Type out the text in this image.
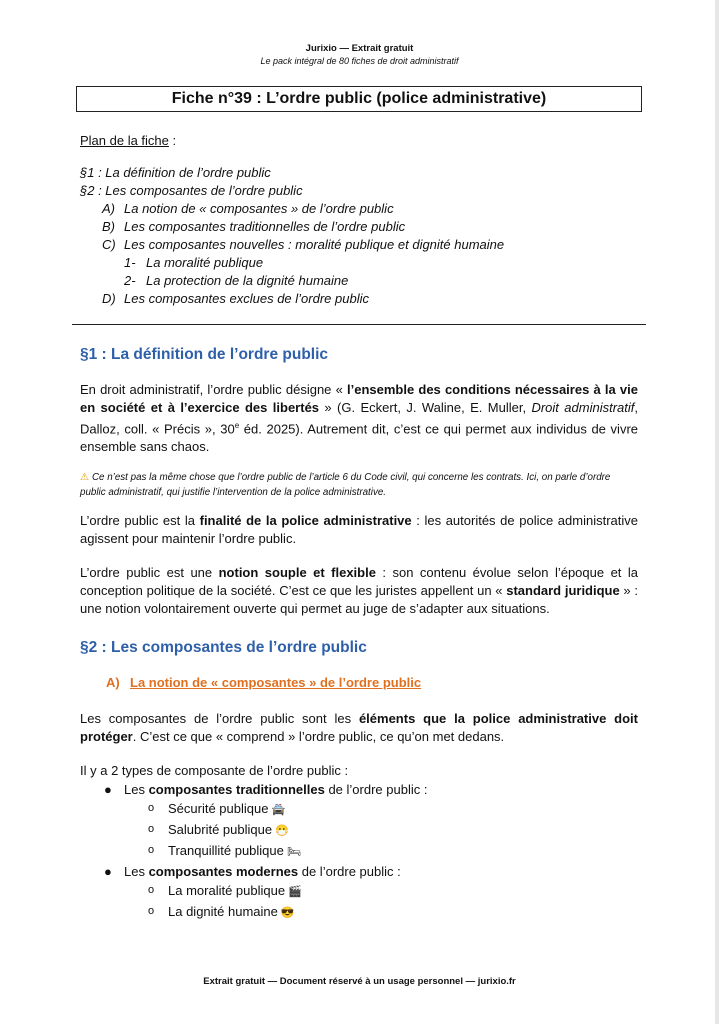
Jurixio — Extrait gratuit
Le pack intégral de 80 fiches de droit administratif
Fiche n°39 : L’ordre public (police administrative)
Plan de la fiche :
§1 : La définition de l’ordre public
§2 : Les composantes de l’ordre public
A) La notion de « composantes » de l’ordre public
B) Les composantes traditionnelles de l’ordre public
C) Les composantes nouvelles : moralité publique et dignité humaine
1- La moralité publique
2- La protection de la dignité humaine
D) Les composantes exclues de l’ordre public
§1 : La définition de l’ordre public

En droit administratif, l’ordre public désigne « l’ensemble des conditions nécessaires à la vie en société et à l’exercice des libertés » (G. Eckert, J. Waline, E. Muller, Droit administratif, Dalloz, coll. « Précis », 30e éd. 2025). Autrement dit, c’est ce qui permet aux individus de vivre ensemble sans chaos.

⚠ Ce n’est pas la même chose que l’ordre public de l’article 6 du Code civil, qui concerne les contrats. Ici, on parle d’ordre public administratif, qui justifie l’intervention de la police administrative.

L’ordre public est la finalité de la police administrative : les autorités de police administrative agissent pour maintenir l’ordre public.

L’ordre public est une notion souple et flexible : son contenu évolue selon l’époque et la conception politique de la société. C’est ce que les juristes appellent un « standard juridique » : une notion volontairement ouverte qui permet au juge de s’adapter aux situations.

§2 : Les composantes de l’ordre public
A) La notion de « composantes » de l’ordre public

Les composantes de l’ordre public sont les éléments que la police administrative doit protéger. C’est ce que « comprend » l’ordre public, ce qu’on met dedans.

Il y a 2 types de composante de l’ordre public :

● Les composantes traditionnelles de l’ordre public :
o Sécurité publique 🚔
o Salubrité publique 😷
o Tranquillité publique 🛏
● Les composantes modernes de l’ordre public :
o La moralité publique 🎬
o La dignité humaine 😎
Extrait gratuit — Document réservé à un usage personnel — jurixio.fr
